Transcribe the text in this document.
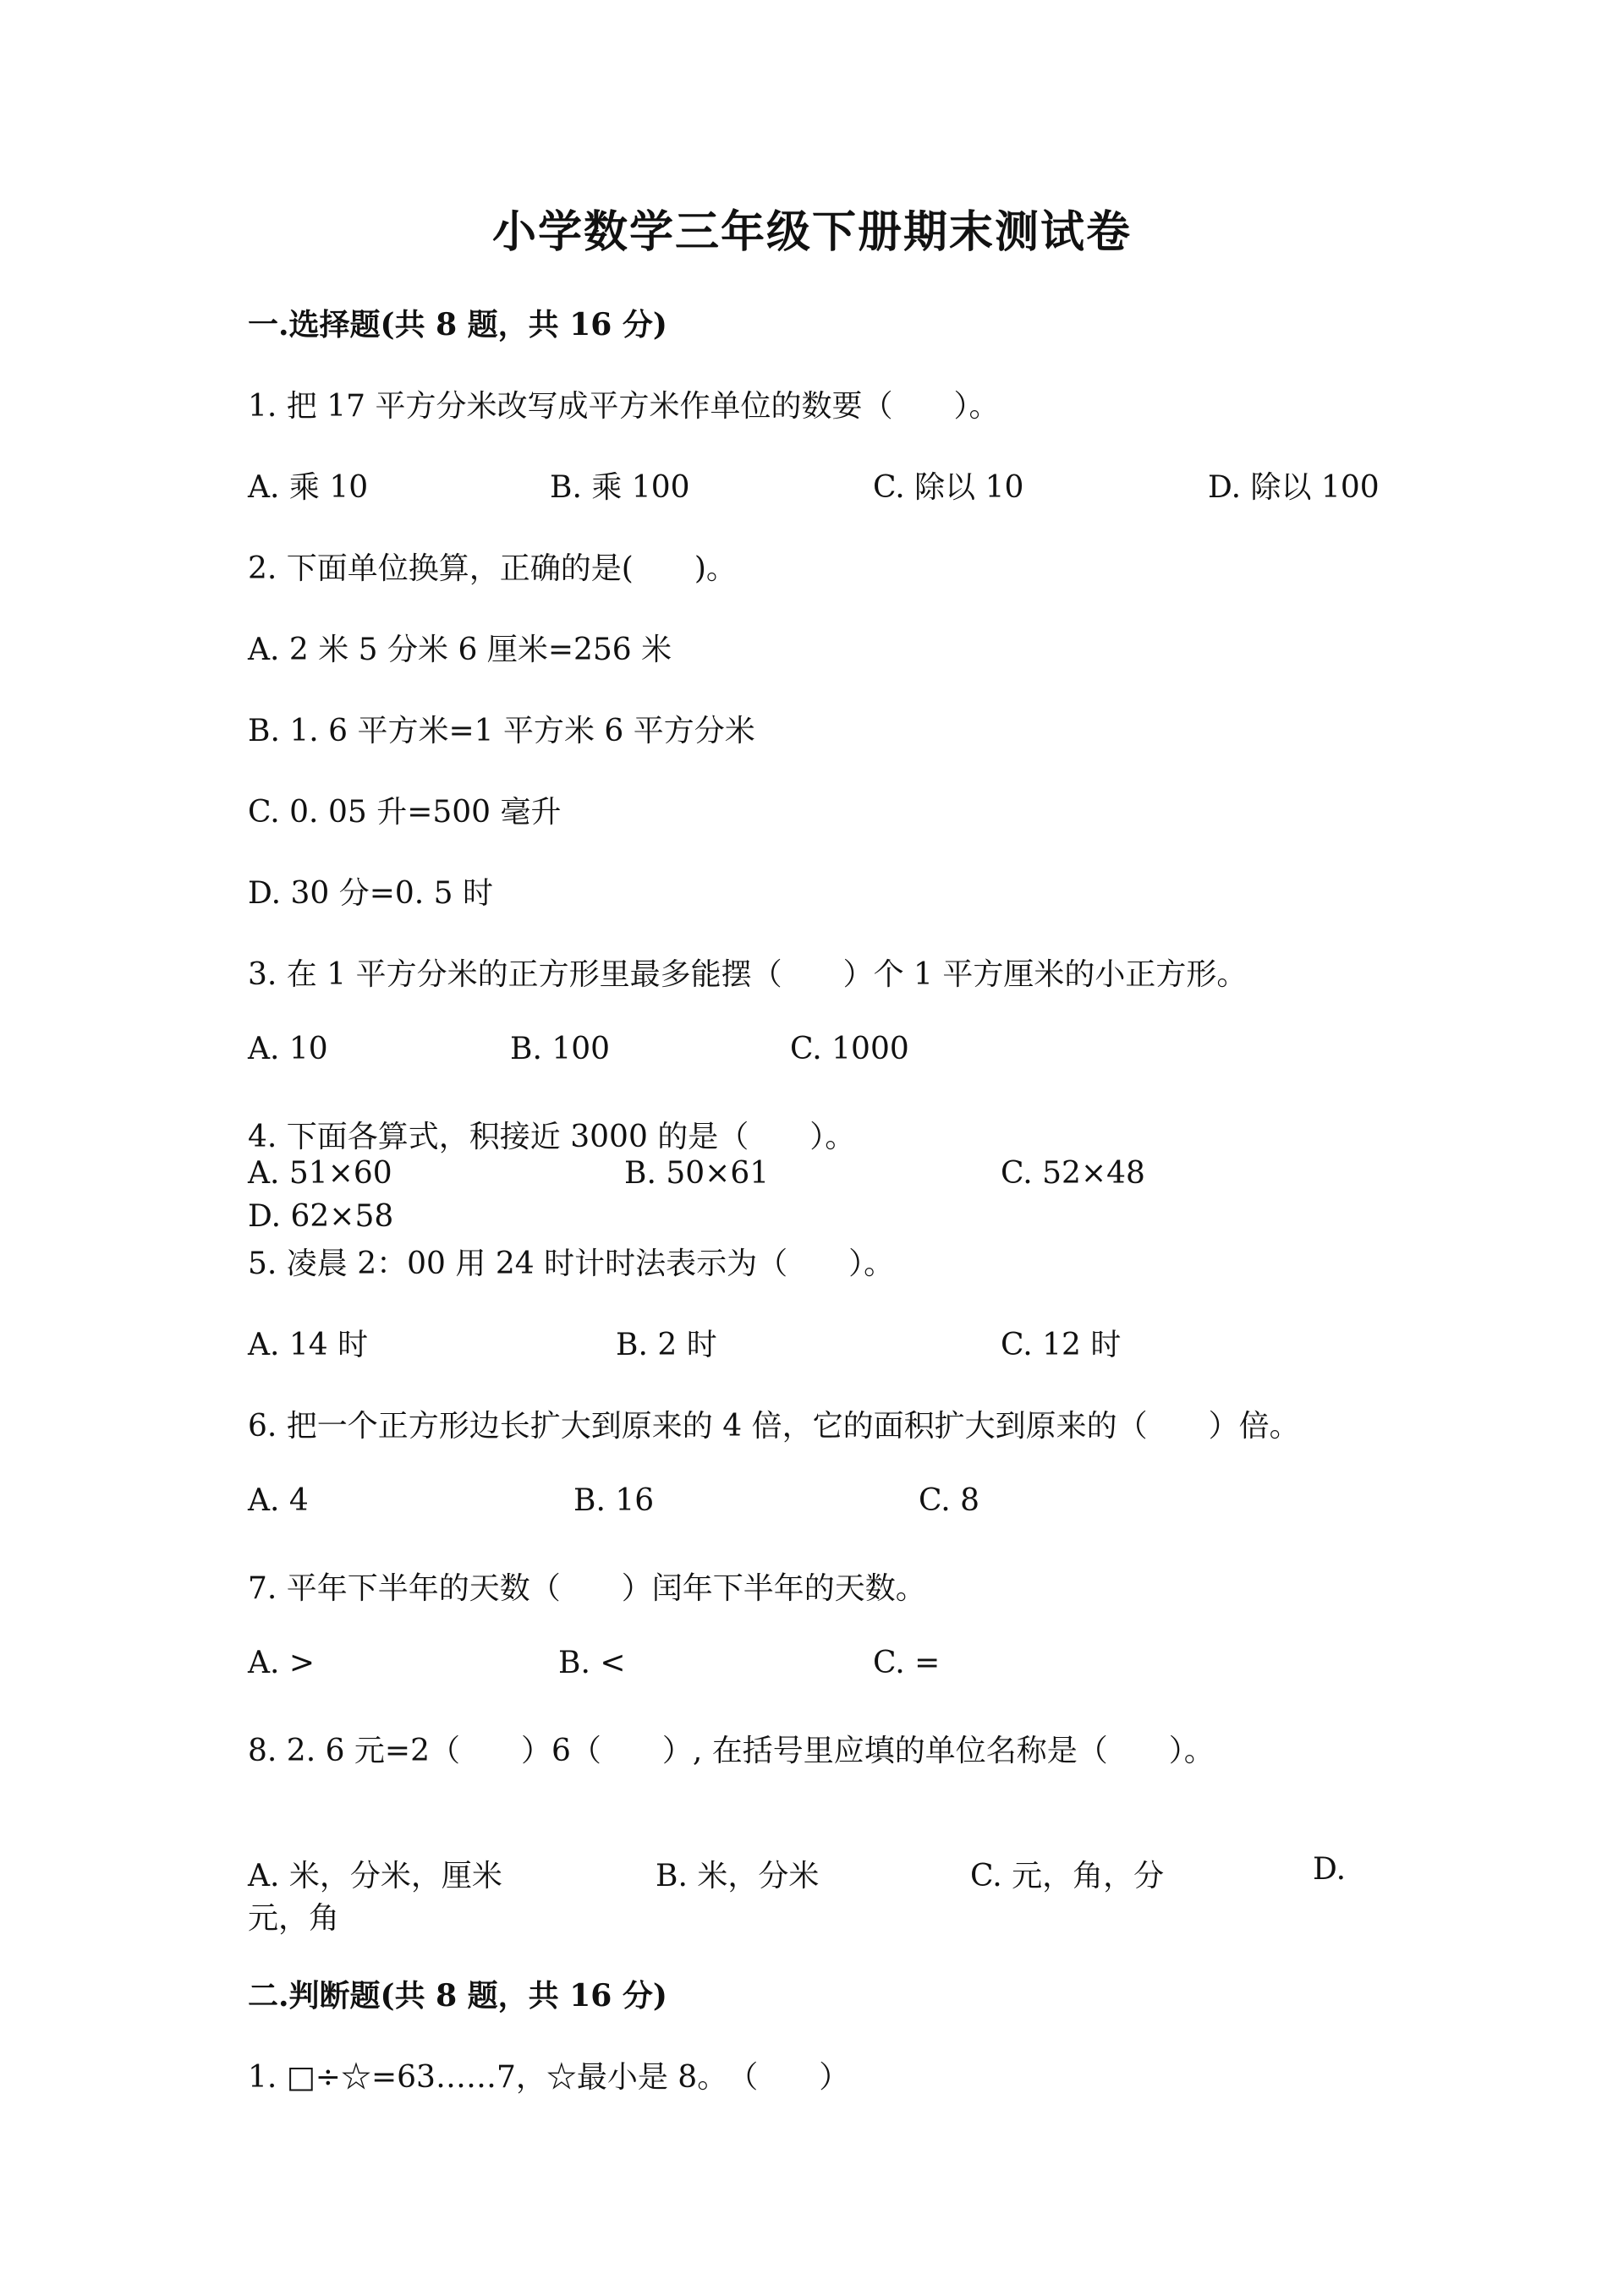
小学数学三年级下册期末测试卷
一.选择题(共 8 题，共 16 分)
1. 把 17 平方分米改写成平方米作单位的数要（　　）。
A. 乘 10	B. 乘 100	C. 除以 10	D. 除以 100
2. 下面单位换算，正确的是(　　)。
A. 2 米 5 分米 6 厘米=256 米
B. 1. 6 平方米=1 平方米 6 平方分米
C. 0. 05 升=500 毫升
D. 30 分=0. 5 时
3. 在 1 平方分米的正方形里最多能摆（　　）个 1 平方厘米的小正方形。
A. 10	B. 100	C. 1000
4. 下面各算式，积接近 3000 的是（　　）。
A. 51×60	B. 50×61	C. 52×48
D. 62×58
5. 凌晨 2：00 用 24 时计时法表示为（　　）。
A. 14 时	B. 2 时	C. 12 时
6. 把一个正方形边长扩大到原来的 4 倍，它的面积扩大到原来的（　　）倍。
A. 4	B. 16	C. 8
7. 平年下半年的天数（　　）闰年下半年的天数。
A. >	B. <	C. =
8. 2. 6 元=2（　　）6（　　）, 在括号里应填的单位名称是（　　）。
A. 米，分米，厘米	B. 米，分米	C. 元，角，分	D.
元，角
二.判断题(共 8 题，共 16 分)
1. □÷☆=63……7，☆最小是 8。　（　　）
